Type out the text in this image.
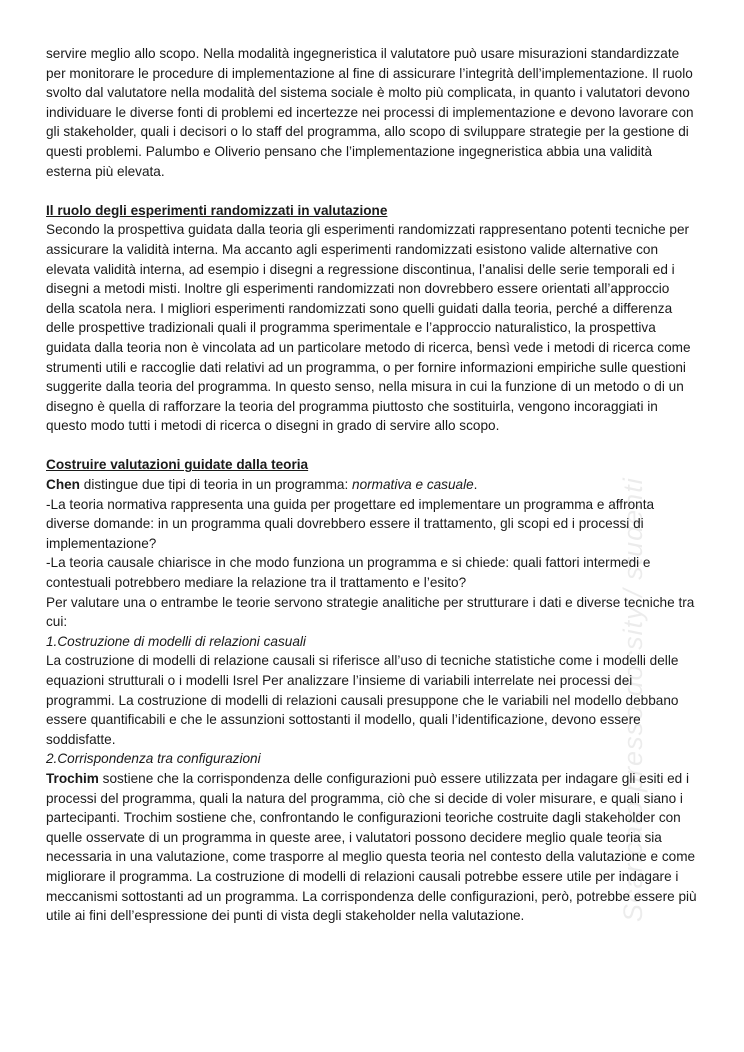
servire meglio allo scopo. Nella modalità ingegneristica il valutatore può usare misurazioni standardizzate per monitorare le procedure di implementazione al fine di assicurare l’integrità dell’implementazione. Il ruolo svolto dal valutatore nella modalità del sistema sociale è molto più complicata, in quanto i valutatori devono individuare le diverse fonti di problemi ed incertezze nei processi di implementazione e devono lavorare con gli stakeholder, quali i decisori o lo staff del programma, allo scopo di sviluppare strategie per la gestione di questi problemi. Palumbo e Oliverio pensano che l’implementazione ingegneristica abbia una validità esterna più elevata.

Il ruolo degli esperimenti randomizzati in valutazione

Secondo la prospettiva guidata dalla teoria gli esperimenti randomizzati rappresentano potenti tecniche per assicurare la validità interna. Ma accanto agli esperimenti randomizzati esistono valide alternative con elevata validità interna, ad esempio i disegni a regressione discontinua, l’analisi delle serie temporali ed i disegni a metodi misti. Inoltre gli esperimenti randomizzati non dovrebbero essere orientati all’approccio della scatola nera. I migliori esperimenti randomizzati sono quelli guidati dalla teoria, perché a differenza delle prospettive tradizionali quali il programma sperimentale e l’approccio naturalistico, la prospettiva guidata dalla teoria non è vincolata ad un particolare metodo di ricerca, bensì vede i metodi di ricerca come strumenti utili e raccoglie dati relativi ad un programma, o per fornire informazioni empiriche sulle questioni suggerite dalla teoria del programma. In questo senso, nella misura in cui la funzione di un metodo o di un disegno è quella di rafforzare la teoria del programma piuttosto che sostituirla, vengono incoraggiati in questo modo tutti i metodi di ricerca o disegni in grado di servire allo scopo.

Costruire valutazioni guidate dalla teoria

Chen distingue due tipi di teoria in un programma: normativa e casuale.

-La teoria normativa rappresenta una guida per progettare ed implementare un programma e affronta diverse domande: in un programma quali dovrebbero essere il trattamento, gli scopi ed i processi di implementazione?

-La teoria causale chiarisce in che modo funziona un programma e si chiede: quali fattori intermedi e contestuali potrebbero mediare la relazione tra il trattamento e l’esito?

Per valutare una o entrambe le teorie servono strategie analitiche per strutturare i dati e diverse tecniche tra cui:

1.Costruzione di modelli di relazioni casuali

La costruzione di modelli di relazione causali si riferisce all’uso di tecniche statistiche come i modelli delle equazioni strutturali o i modelli Isrel Per analizzare l’insieme di variabili interrelate nei processi dei programmi. La costruzione di modelli di relazioni causali presuppone che le variabili nel modello debbano essere quantificabili e che le assunzioni sottostanti il modello, quali l’identificazione, devono essere soddisfatte.

2.Corrispondenza tra configurazioni

Trochim sostiene che la corrispondenza delle configurazioni può essere utilizzata per indagare gli esiti ed i processi del programma, quali la natura del programma, ciò che si decide di voler misurare, e quali siano i partecipanti. Trochim sostiene che, confrontando le configurazioni teoriche costruite dagli stakeholder con quelle osservate di un programma in queste aree, i valutatori possono decidere meglio quale teoria sia necessaria in una valutazione, come trasporre al meglio questa teoria nel contesto della valutazione e come migliorare il programma. La costruzione di modelli di relazioni causali potrebbe essere utile per indagare i meccanismi sottostanti ad un programma. La corrispondenza delle configurazioni, però, potrebbe essere più utile ai fini dell’espressione dei punti di vista degli stakeholder nella valutazione.	Scaricato presso docsity / studenti
